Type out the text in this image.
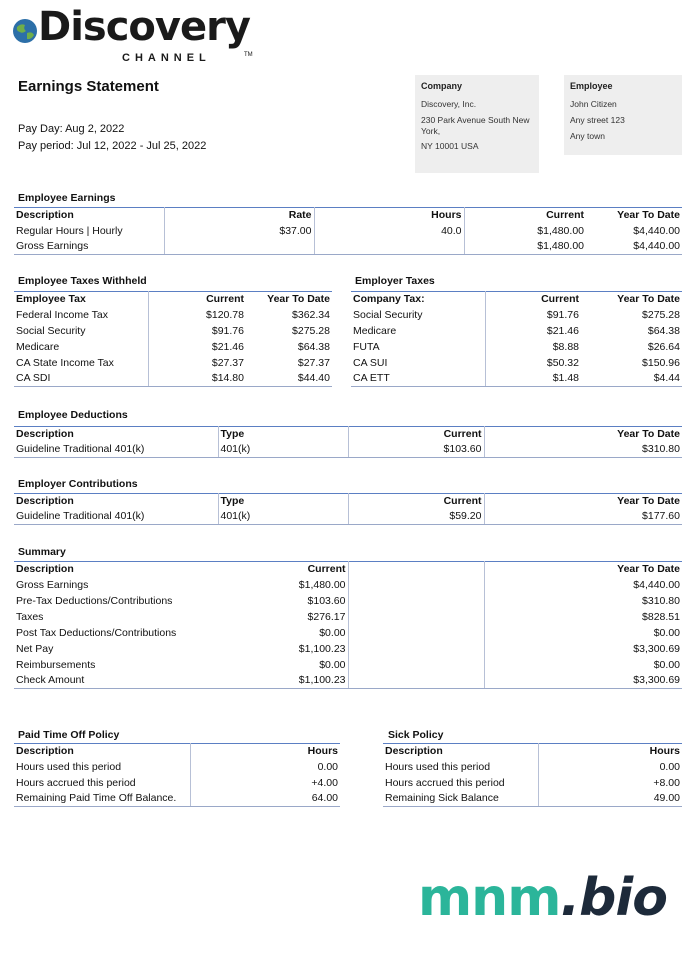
Discovery
CHANNEL	TM
Earnings Statement
Pay Day: Aug 2, 2022
Pay period: Jul 12, 2022 - Jul 25, 2022
Company
Discovery, Inc.
230 Park Avenue South New York,
NY 10001 USA
Employee
John Citizen
Any street 123
Any town
Employee Earnings
Description	Rate	Hours	Current	Year To Date
Regular Hours | Hourly	$37.00	40.0	$1,480.00	$4,440.00
Gross Earnings			$1,480.00	$4,440.00
Employee Taxes Withheld
Employee Tax	Current	Year To Date
Federal Income Tax	$120.78	$362.34
Social Security	$91.76	$275.28
Medicare	$21.46	$64.38
CA State Income Tax	$27.37	$27.37
CA SDI	$14.80	$44.40
Employer Taxes
Company Tax:	Current	Year To Date
Social Security	$91.76	$275.28
Medicare	$21.46	$64.38
FUTA	$8.88	$26.64
CA SUI	$50.32	$150.96
CA ETT	$1.48	$4.44
Employee Deductions
Description	Type	Current	Year To Date
Guideline Traditional 401(k)	401(k)	$103.60	$310.80
Employer Contributions
Description	Type	Current	Year To Date
Guideline Traditional 401(k)	401(k)	$59.20	$177.60
Summary
Description	Current		Year To Date
Gross Earnings	$1,480.00		$4,440.00
Pre-Tax Deductions/Contributions	$103.60		$310.80
Taxes	$276.17		$828.51
Post Tax Deductions/Contributions	$0.00		$0.00
Net Pay	$1,100.23		$3,300.69
Reimbursements	$0.00		$0.00
Check Amount	$1,100.23		$3,300.69
Paid Time Off Policy
Description	Hours
Hours used this period	0.00
Hours accrued this period	+4.00
Remaining Paid Time Off Balance.	64.00
Sick Policy
Description	Hours
Hours used this period	0.00
Hours accrued this period	+8.00
Remaining Sick Balance	49.00
mnm.bio
